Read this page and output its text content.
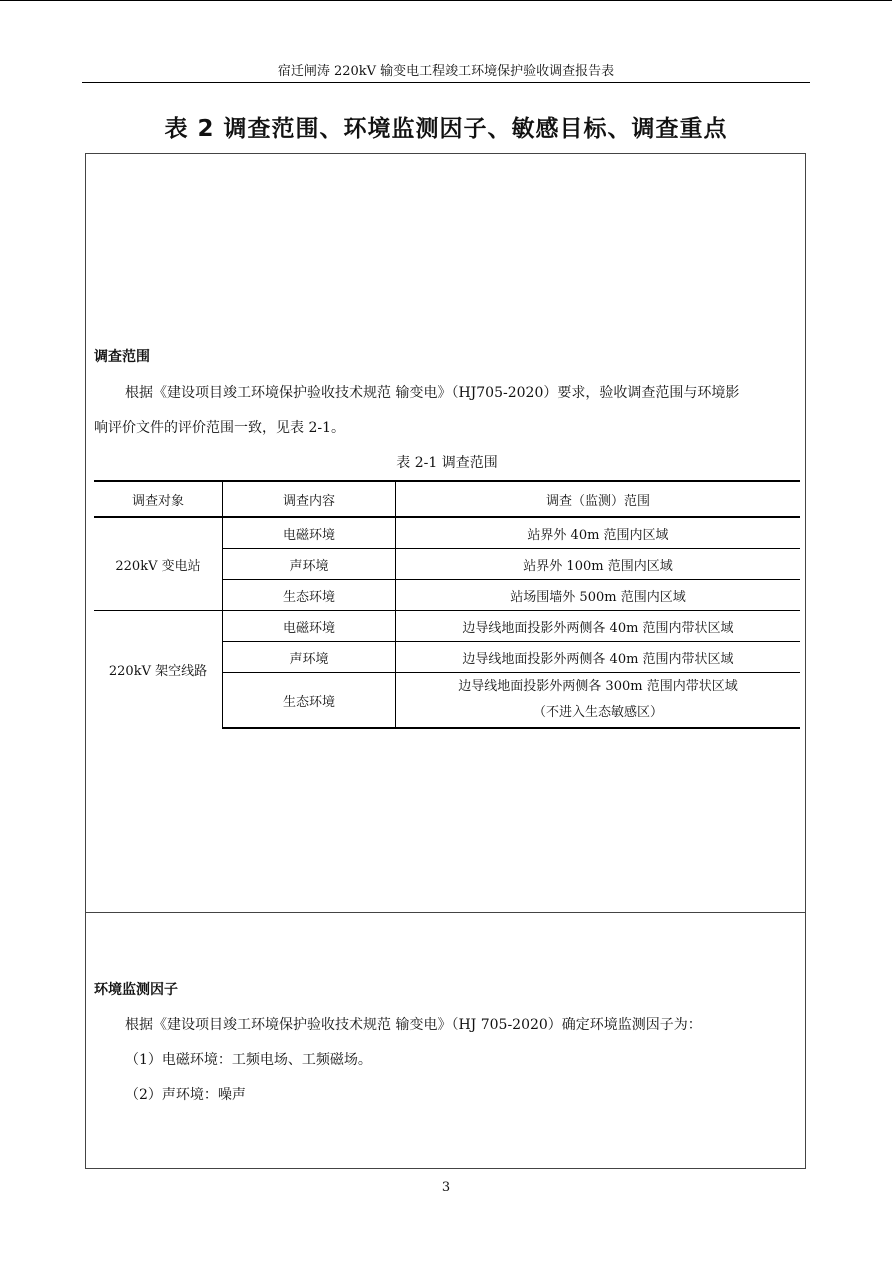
宿迁闸涛 220kV 输变电工程竣工环境保护验收调查报告表
表 2 调查范围、环境监测因子、敏感目标、调查重点
调查范围
根据《建设项目竣工环境保护验收技术规范 输变电》（HJ705-2020）要求，验收调查范围与环境影
响评价文件的评价范围一致，见表 2-1。
表 2-1 调查范围
调查对象	调查内容	调查（监测）范围
220kV 变电站	电磁环境	站界外 40m 范围内区域
	声环境	站界外 100m 范围内区域
	生态环境	站场围墙外 500m 范围内区域
220kV 架空线路	电磁环境	边导线地面投影外两侧各 40m 范围内带状区域
	声环境	边导线地面投影外两侧各 40m 范围内带状区域
	生态环境	边导线地面投影外两侧各 300m 范围内带状区域
（不进入生态敏感区）
环境监测因子
根据《建设项目竣工环境保护验收技术规范 输变电》（HJ 705-2020）确定环境监测因子为：
（1）电磁环境：工频电场、工频磁场。
（2）声环境：噪声
3
